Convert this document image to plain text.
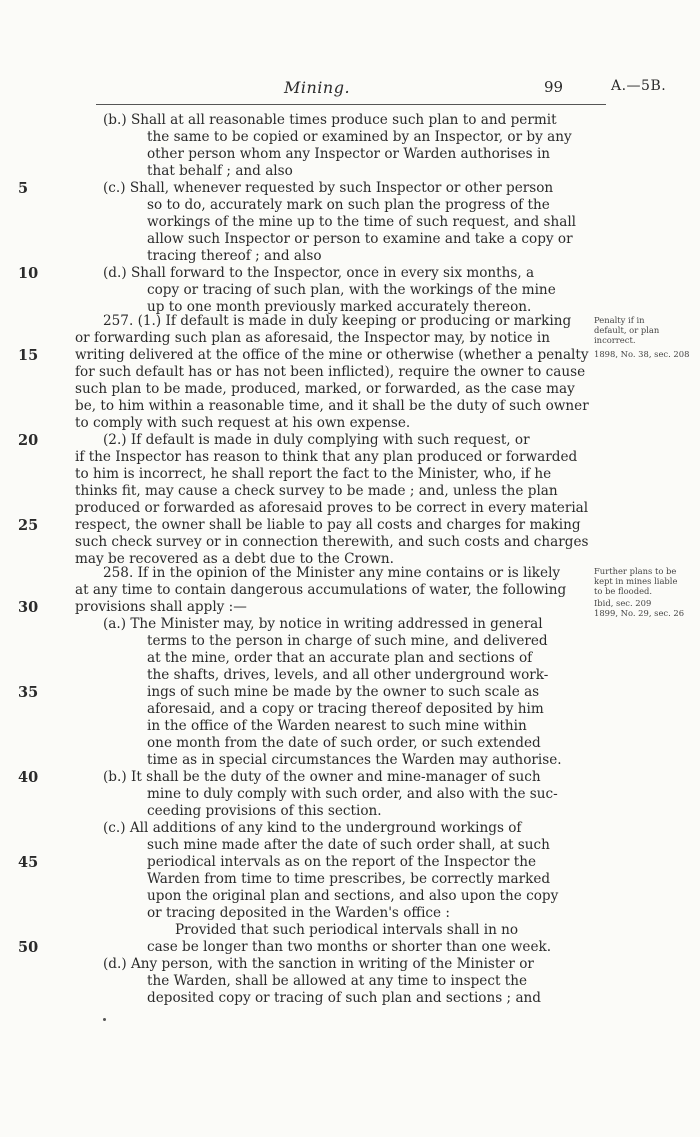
Mining.	99	A.—5B.
(b.) Shall at all reasonable times produce such plan to and permit
the same to be copied or examined by an Inspector, or by any
other person whom any Inspector or Warden authorises in
that behalf ; and also
(c.) Shall, whenever requested by such Inspector or other person
so to do, accurately mark on such plan the progress of the
workings of the mine up to the time of such request, and shall
allow such Inspector or person to examine and take a copy or
tracing thereof ; and also
(d.) Shall forward to the Inspector, once in every six months, a
copy or tracing of such plan, with the workings of the mine
up to one month previously marked accurately thereon.
257. (1.) If default is made in duly keeping or producing or marking
or forwarding such plan as aforesaid, the Inspector may, by notice in
writing delivered at the office of the mine or otherwise (whether a penalty
for such default has or has not been inflicted), require the owner to cause
such plan to be made, produced, marked, or forwarded, as the case may
be, to him within a reasonable time, and it shall be the duty of such owner
to comply with such request at his own expense.
(2.) If default is made in duly complying with such request, or
if the Inspector has reason to think that any plan produced or forwarded
to him is incorrect, he shall report the fact to the Minister, who, if he
thinks fit, may cause a check survey to be made ; and, unless the plan
produced or forwarded as aforesaid proves to be correct in every material
respect, the owner shall be liable to pay all costs and charges for making
such check survey or in connection therewith, and such costs and charges
may be recovered as a debt due to the Crown.
258. If in the opinion of the Minister any mine contains or is likely
at any time to contain dangerous accumulations of water, the following
provisions shall apply :—
(a.) The Minister may, by notice in writing addressed in general
terms to the person in charge of such mine, and delivered
at the mine, order that an accurate plan and sections of
the shafts, drives, levels, and all other underground work-
ings of such mine be made by the owner to such scale as
aforesaid, and a copy or tracing thereof deposited by him
in the office of the Warden nearest to such mine within
one month from the date of such order, or such extended
time as in special circumstances the Warden may authorise.
(b.) It shall be the duty of the owner and mine-manager of such
mine to duly comply with such order, and also with the suc-
ceeding provisions of this section.
(c.) All additions of any kind to the underground workings of
such mine made after the date of such order shall, at such
periodical intervals as on the report of the Inspector the
Warden from time to time prescribes, be correctly marked
upon the original plan and sections, and also upon the copy
or tracing deposited in the Warden's office :
Provided that such periodical intervals shall in no
case be longer than two months or shorter than one week.
(d.) Any person, with the sanction in writing of the Minister or
the Warden, shall be allowed at any time to inspect the
deposited copy or tracing of such plan and sections ; and
5
10
15
20
25
30
35
40
45
50
Penalty if in
default, or plan
incorrect.
1898, No. 38, sec. 208
Further plans to be
kept in mines liable
to be flooded.
Ibid, sec. 209
1899, No. 29, sec. 26
